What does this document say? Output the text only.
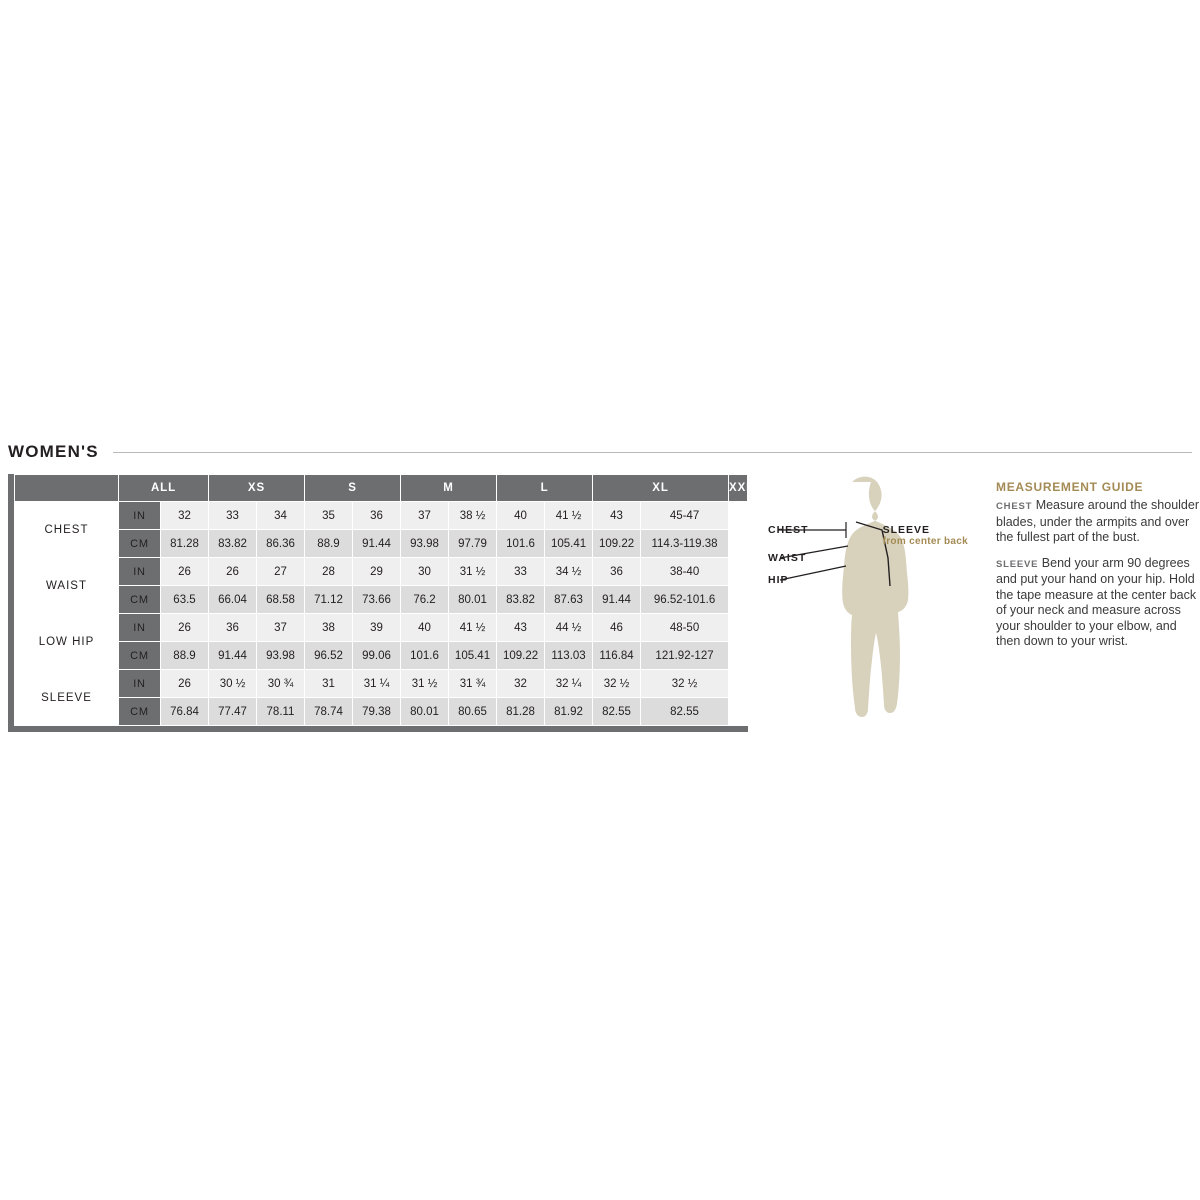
WOMEN'S
	ALL		XS		S		M		L		XL		XXL
CHEST	IN	32	33	34	35	36	37	38 ½	40	41 ½	43	45-47	
	CM	81.28	83.82	86.36	88.9	91.44	93.98	97.79	101.6	105.41	109.22	114.3-119.38	
WAIST	IN	26	26	27	28	29	30	31 ½	33	34 ½	36	38-40	
	CM	63.5	66.04	68.58	71.12	73.66	76.2	80.01	83.82	87.63	91.44	96.52-101.6	
LOW HIP	IN	26	36	37	38	39	40	41 ½	43	44 ½	46	48-50	
	CM	88.9	91.44	93.98	96.52	99.06	101.6	105.41	109.22	113.03	116.84	121.92-127	
SLEEVE	IN	26	30 ½	30 ¾	31	31 ¼	31 ½	31 ¾	32	32 ¼	32 ½	32 ½	
	CM	76.84	77.47	78.11	78.74	79.38	80.01	80.65	81.28	81.92	82.55	82.55	
CHEST
WAIST
HIP
SLEEVE
from center back
MEASUREMENT GUIDE
CHEST Measure around the shoulder blades, under the armpits and over the fullest part of the bust.
SLEEVE Bend your arm 90 degrees and put your hand on your hip. Hold the tape measure at the center back of your neck and measure across your shoulder to your elbow, and then down to your wrist.
